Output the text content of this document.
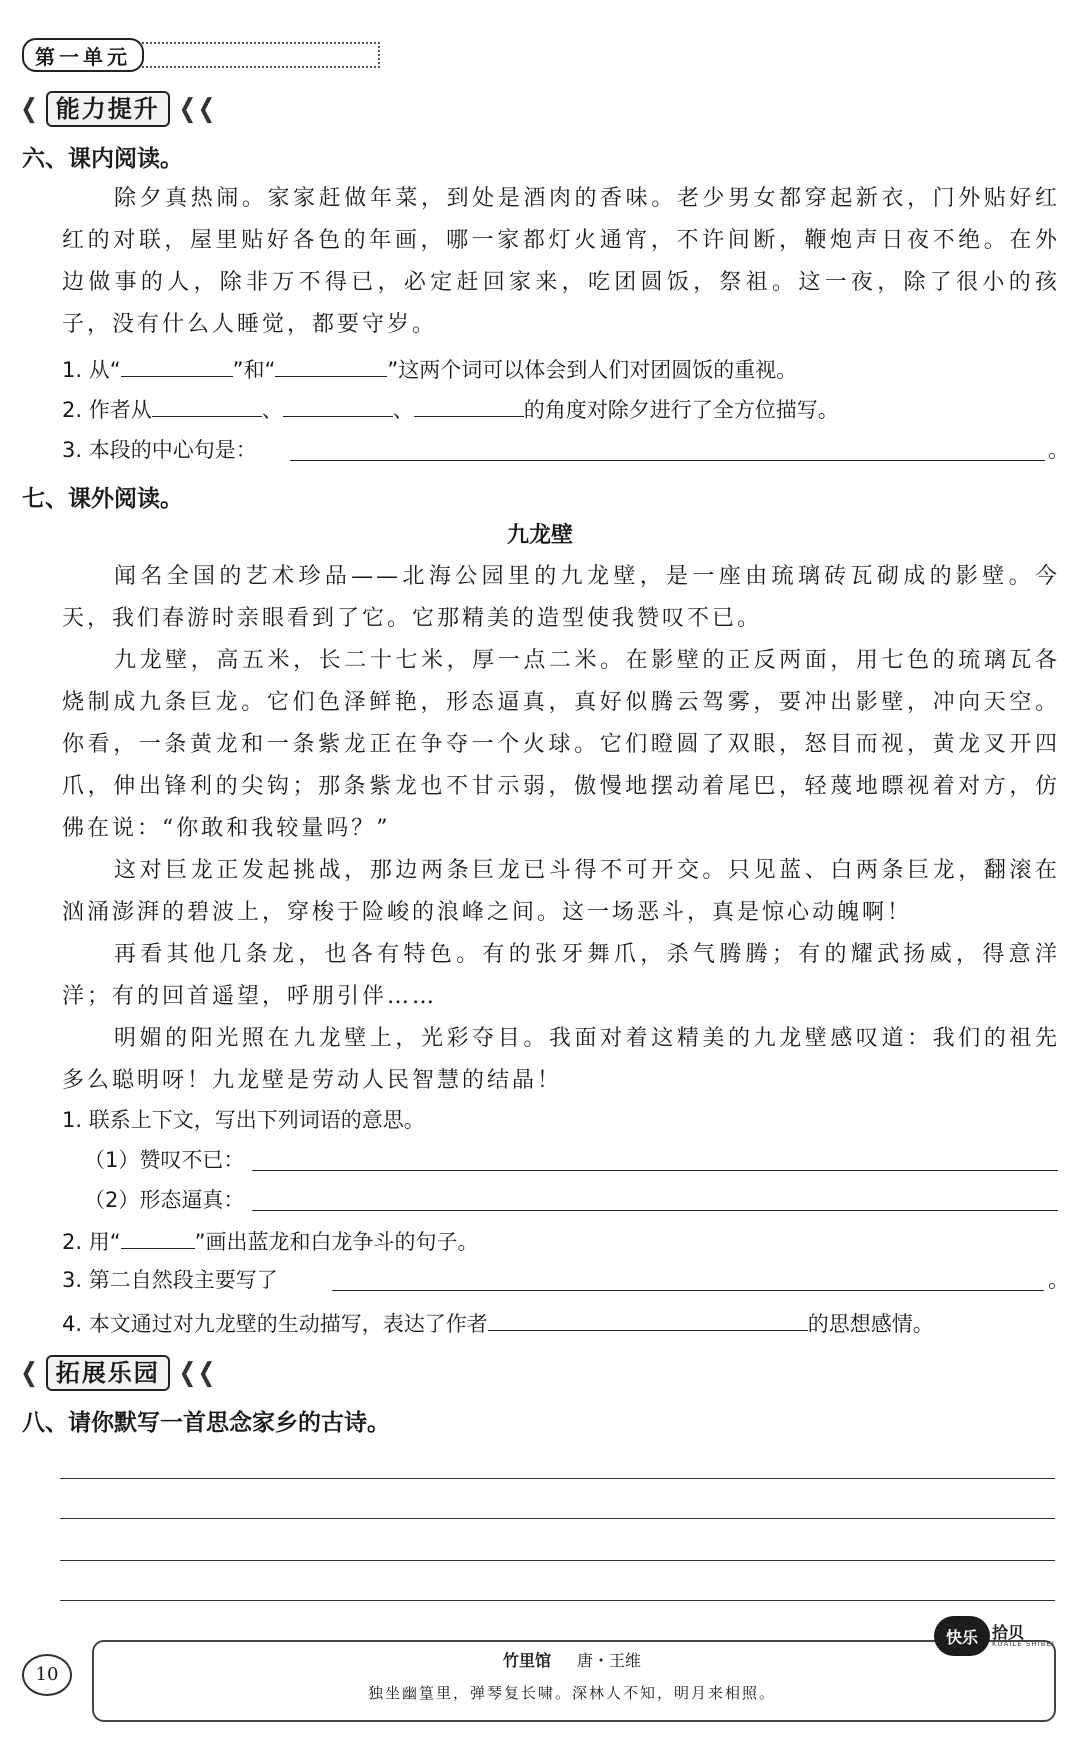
第一单元
❮ 能力提升 ❮❮
六、课内阅读。
除夕真热闹。家家赶做年菜，到处是酒肉的香味。老少男女都穿起新衣，门外贴好红红的对联，屋里贴好各色的年画，哪一家都灯火通宵，不许间断，鞭炮声日夜不绝。在外边做事的人，除非万不得已，必定赶回家来，吃团圆饭，祭祖。这一夜，除了很小的孩子，没有什么人睡觉，都要守岁。
1. 从“	”和“	”这两个词可以体会到人们对团圆饭的重视。
2. 作者从	、	、	的角度对除夕进行了全方位描写。
3. 本段的中心句是：	。
七、课外阅读。
九龙壁
闻名全国的艺术珍品——北海公园里的九龙壁，是一座由琉璃砖瓦砌成的影壁。今天，我们春游时亲眼看到了它。它那精美的造型使我赞叹不已。
九龙壁，高五米，长二十七米，厚一点二米。在影壁的正反两面，用七色的琉璃瓦各烧制成九条巨龙。它们色泽鲜艳，形态逼真，真好似腾云驾雾，要冲出影壁，冲向天空。你看，一条黄龙和一条紫龙正在争夺一个火球。它们瞪圆了双眼，怒目而视，黄龙叉开四爪，伸出锋利的尖钩；那条紫龙也不甘示弱，傲慢地摆动着尾巴，轻蔑地瞟视着对方，仿佛在说：“你敢和我较量吗？”
这对巨龙正发起挑战，那边两条巨龙已斗得不可开交。只见蓝、白两条巨龙，翻滚在汹涌澎湃的碧波上，穿梭于险峻的浪峰之间。这一场恶斗，真是惊心动魄啊！
再看其他几条龙，也各有特色。有的张牙舞爪，杀气腾腾；有的耀武扬威，得意洋洋；有的回首遥望，呼朋引伴……
明媚的阳光照在九龙壁上，光彩夺目。我面对着这精美的九龙壁感叹道：我们的祖先多么聪明呀！九龙壁是劳动人民智慧的结晶！
1. 联系上下文，写出下列词语的意思。
（1）赞叹不已：
（2）形态逼真：
2. 用“	”画出蓝龙和白龙争斗的句子。
3. 第二自然段主要写了	。
4. 本文通过对九龙壁的生动描写，表达了作者	的思想感情。
❮ 拓展乐园 ❮❮
八、请你默写一首思念家乡的古诗。
竹里馆 唐・王维
独坐幽篁里，弹琴复长啸。深林人不知，明月来相照。
10
快乐 拾贝
KUAILE SHIBEI
